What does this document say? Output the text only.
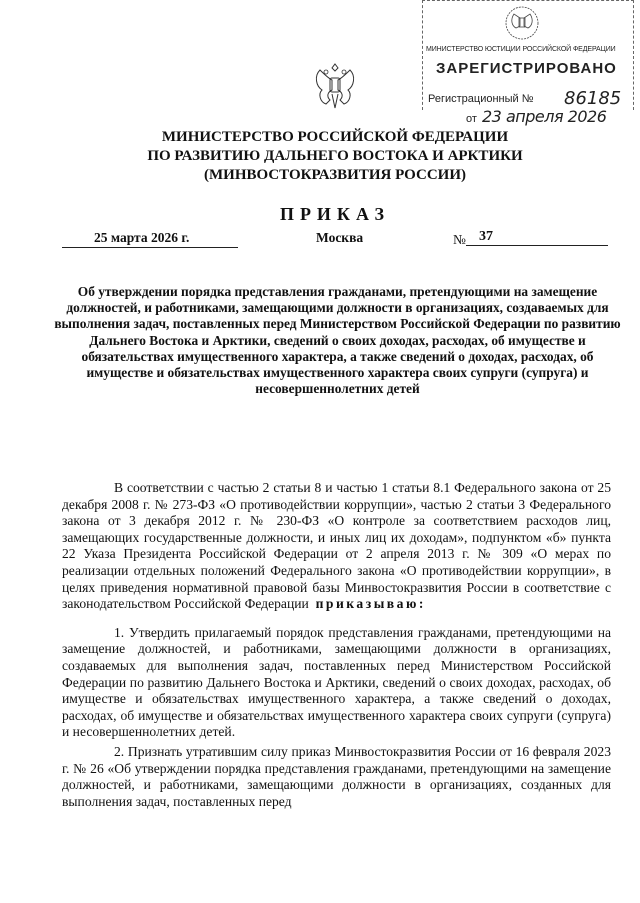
МИНИСТЕРСТВО ЮСТИЦИИ РОССИЙСКОЙ ФЕДЕРАЦИИ
ЗАРЕГИСТРИРОВАНО
Регистрационный № 86185
от 23 апреля 2026
МИНИСТЕРСТВО РОССИЙСКОЙ ФЕДЕРАЦИИ
ПО РАЗВИТИЮ ДАЛЬНЕГО ВОСТОКА И АРКТИКИ
(МИНВОСТОКРАЗВИТИЯ РОССИИ)
ПРИКАЗ
25 марта 2026 г.	Москва	№ 37
Об утверждении порядка представления гражданами, претендующими на замещение должностей, и работниками, замещающими должности в организациях, создаваемых для выполнения задач, поставленных перед Министерством Российской Федерации по развитию Дальнего Востока и Арктики, сведений о своих доходах, расходах, об имуществе и обязательствах имущественного характера, а также сведений о доходах, расходах, об имуществе и обязательствах имущественного характера своих супруги (супруга) и несовершеннолетних детей

В соответствии с частью 2 статьи 8 и частью 1 статьи 8.1 Федерального закона от 25 декабря 2008 г. № 273-ФЗ «О противодействии коррупции», частью 2 статьи 3 Федерального закона от 3 декабря 2012 г. № 230-ФЗ «О контроле за соответствием расходов лиц, замещающих государственные должности, и иных лиц их доходам», подпунктом «б» пункта 22 Указа Президента Российской Федерации от 2 апреля 2013 г. № 309 «О мерах по реализации отдельных положений Федерального закона «О противодействии коррупции», в целях приведения нормативной правовой базы Минвостокразвития России в соответствие с законодательством Российской Федерации приказываю:

1. Утвердить прилагаемый порядок представления гражданами, претендующими на замещение должностей, и работниками, замещающими должности в организациях, создаваемых для выполнения задач, поставленных перед Министерством Российской Федерации по развитию Дальнего Востока и Арктики, сведений о своих доходах, расходах, об имуществе и обязательствах имущественного характера, а также сведений о доходах, расходах, об имуществе и обязательствах имущественного характера своих супруги (супруга) и несовершеннолетних детей.

2. Признать утратившим силу приказ Минвостокразвития России от 16 февраля 2023 г. № 26 «Об утверждении порядка представления гражданами, претендующими на замещение должностей, и работниками, замещающими должности в организациях, созданных для выполнения задач, поставленных перед
